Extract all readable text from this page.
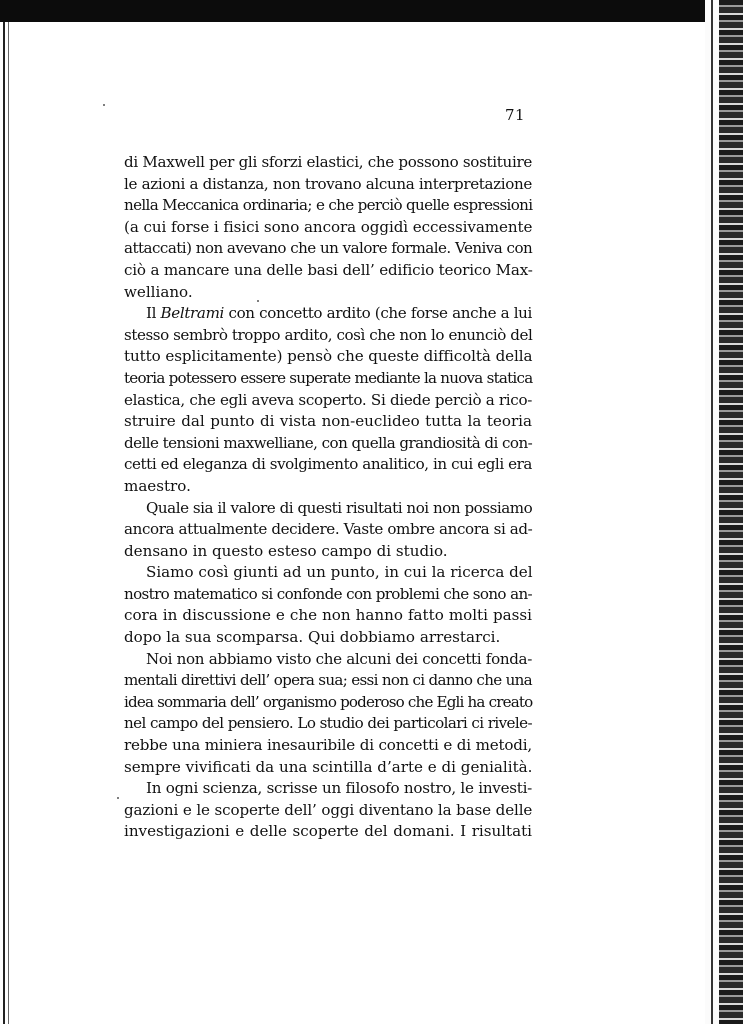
71
di Maxwell per gli sforzi elastici, che possono sostituire
le azioni a distanza, non trovano alcuna interpretazione
nella Meccanica ordinaria; e che perciò quelle espressioni
(a cui forse i fisici sono ancora oggidì eccessivamente
attaccati) non avevano che un valore formale. Veniva con
ciò a mancare una delle basi dell’ edificio teorico Max-
welliano.
Il Beltrami con concetto ardito (che forse anche a lui
stesso sembrò troppo ardito, così che non lo enunciò del
tutto esplicitamente) pensò che queste difficoltà della
teoria potessero essere superate mediante la nuova statica
elastica, che egli aveva scoperto. Si diede perciò a rico-
struire dal punto di vista non-euclideo tutta la teoria
delle tensioni maxwelliane, con quella grandiosità di con-
cetti ed eleganza di svolgimento analitico, in cui egli era
maestro.
Quale sia il valore di questi risultati noi non possiamo
ancora attualmente decidere. Vaste ombre ancora si ad-
densano in questo esteso campo di studio.
Siamo così giunti ad un punto, in cui la ricerca del
nostro matematico si confonde con problemi che sono an-
cora in discussione e che non hanno fatto molti passi
dopo la sua scomparsa. Qui dobbiamo arrestarci.
Noi non abbiamo visto che alcuni dei concetti fonda-
mentali direttivi dell’ opera sua; essi non ci danno che una
idea sommaria dell’ organismo poderoso che Egli ha creato
nel campo del pensiero. Lo studio dei particolari ci rivele-
rebbe una miniera inesauribile di concetti e di metodi,
sempre vivificati da una scintilla d’arte e di genialità.
In ogni scienza, scrisse un filosofo nostro, le investi-
gazioni e le scoperte dell’ oggi diventano la base delle
investigazioni e delle scoperte del domani. I risultati
